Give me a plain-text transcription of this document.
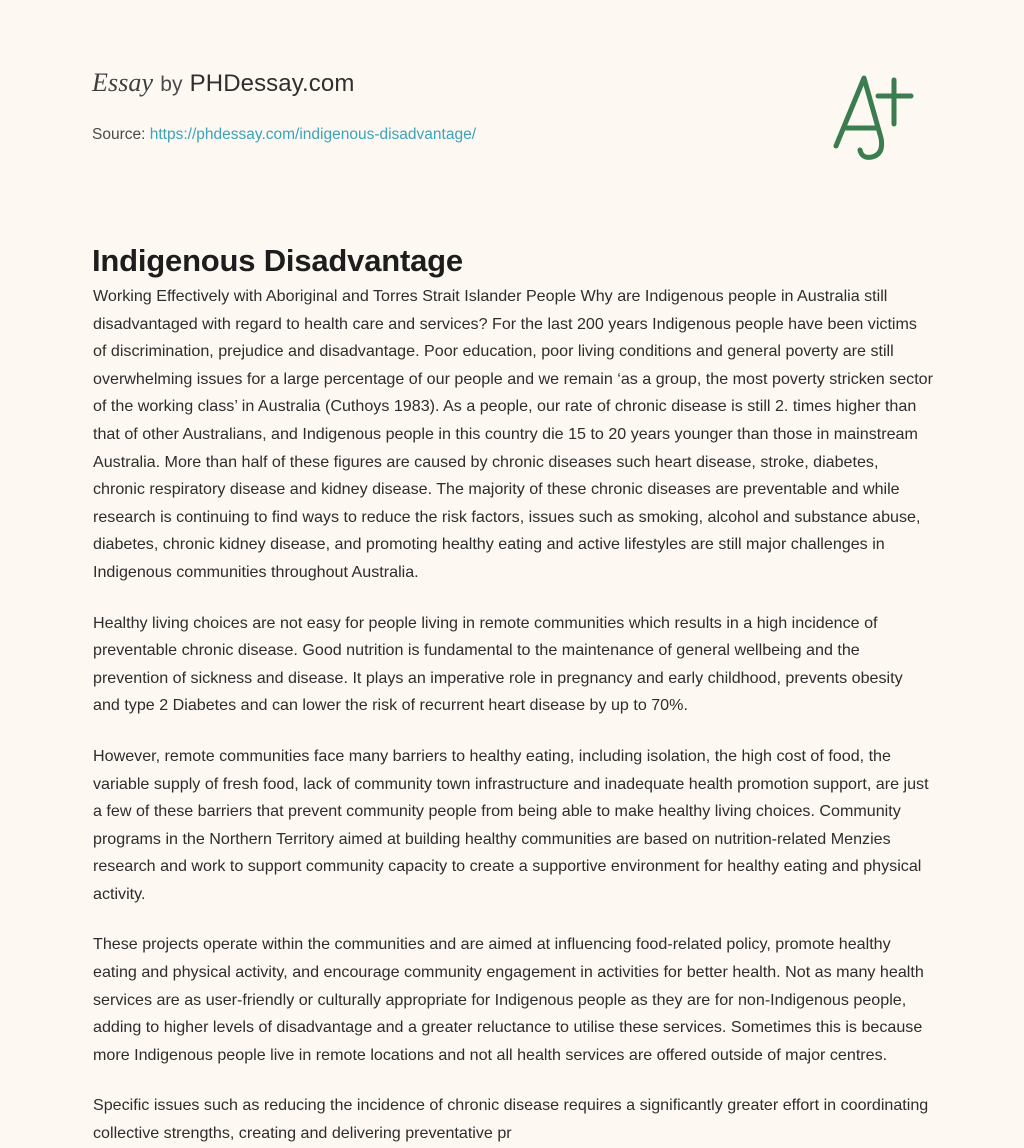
Essay by PHDessay.com
Source: https://phdessay.com/indigenous-disadvantage/
Indigenous Disadvantage

Working Effectively with Aboriginal and Torres Strait Islander People Why are Indigenous people in Australia still disadvantaged with regard to health care and services? For the last 200 years Indigenous people have been victims of discrimination, prejudice and disadvantage. Poor education, poor living conditions and general poverty are still overwhelming issues for a large percentage of our people and we remain ‘as a group, the most poverty stricken sector of the working class’ in Australia (Cuthoys 1983). As a people, our rate of chronic disease is still 2. times higher than that of other Australians, and Indigenous people in this country die 15 to 20 years younger than those in mainstream Australia. More than half of these figures are caused by chronic diseases such heart disease, stroke, diabetes, chronic respiratory disease and kidney disease. The majority of these chronic diseases are preventable and while research is continuing to find ways to reduce the risk factors, issues such as smoking, alcohol and substance abuse, diabetes, chronic kidney disease, and promoting healthy eating and active lifestyles are still major challenges in Indigenous communities throughout Australia.

Healthy living choices are not easy for people living in remote communities which results in a high incidence of preventable chronic disease. Good nutrition is fundamental to the maintenance of general wellbeing and the prevention of sickness and disease. It plays an imperative role in pregnancy and early childhood, prevents obesity and type 2 Diabetes and can lower the risk of recurrent heart disease by up to 70%.

However, remote communities face many barriers to healthy eating, including isolation, the high cost of food, the variable supply of fresh food, lack of community town infrastructure and inadequate health promotion support, are just a few of these barriers that prevent community people from being able to make healthy living choices. Community programs in the Northern Territory aimed at building healthy communities are based on nutrition-related Menzies research and work to support community capacity to create a supportive environment for healthy eating and physical activity.

These projects operate within the communities and are aimed at influencing food-related policy, promote healthy eating and physical activity, and encourage community engagement in activities for better health. Not as many health services are as user-friendly or culturally appropriate for Indigenous people as they are for non-Indigenous people, adding to higher levels of disadvantage and a greater reluctance to utilise these services. Sometimes this is because more Indigenous people live in remote locations and not all health services are offered outside of major centres.

Specific issues such as reducing the incidence of chronic disease requires a significantly greater effort in coordinating collective strengths, creating and delivering preventative pr
